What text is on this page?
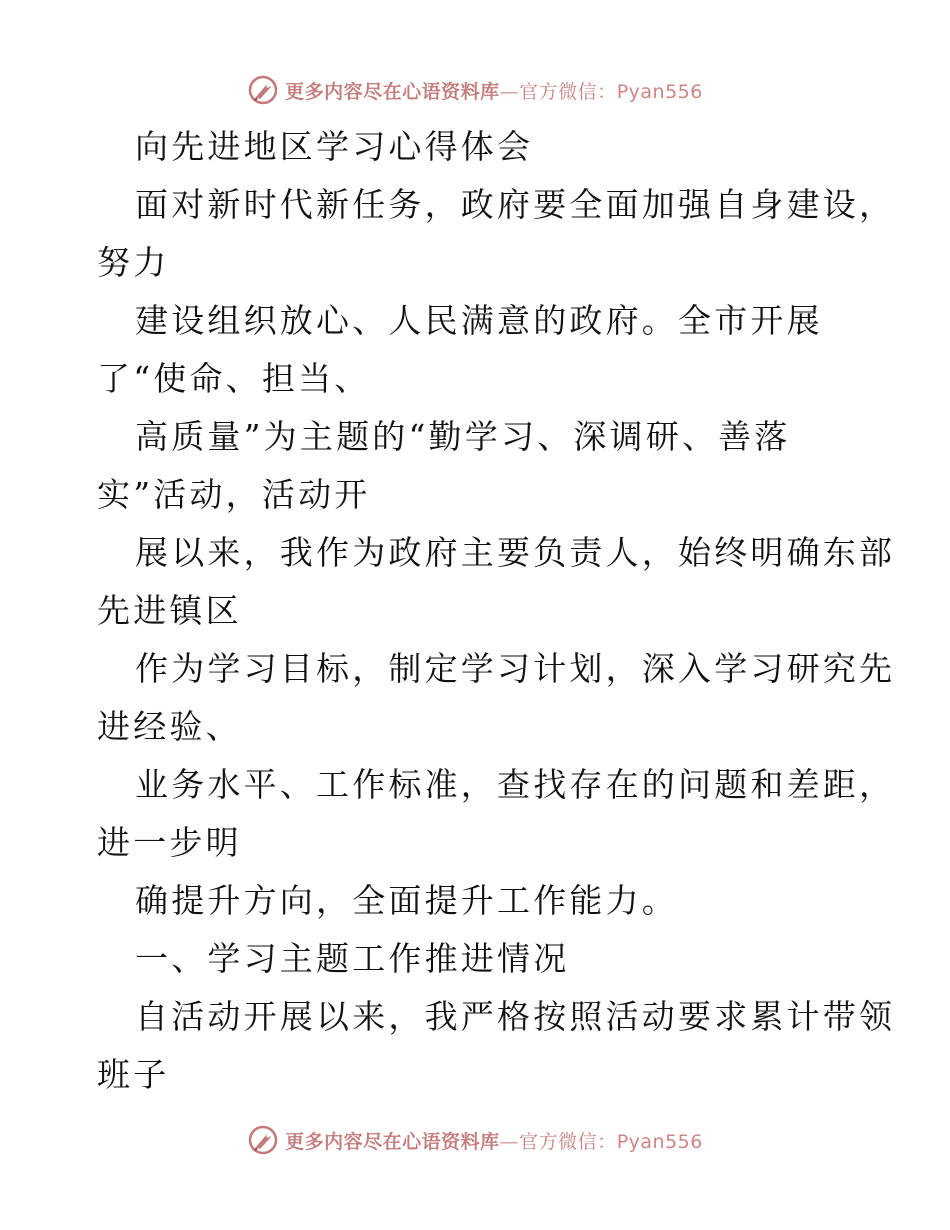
更多内容尽在心语资料库—官方微信：Pyan556
向先进地区学习心得体会
面对新时代新任务，政府要全面加强自身建设，
努力
建设组织放心、人民满意的政府。全市开展
了“使命、担当、
高质量”为主题的“勤学习、深调研、善落
实”活动，活动开
展以来，我作为政府主要负责人，始终明确东部
先进镇区
作为学习目标，制定学习计划，深入学习研究先
进经验、
业务水平、工作标准，查找存在的问题和差距，
进一步明
确提升方向，全面提升工作能力。
一、学习主题工作推进情况
自活动开展以来，我严格按照活动要求累计带领
班子
更多内容尽在心语资料库—官方微信：Pyan556
